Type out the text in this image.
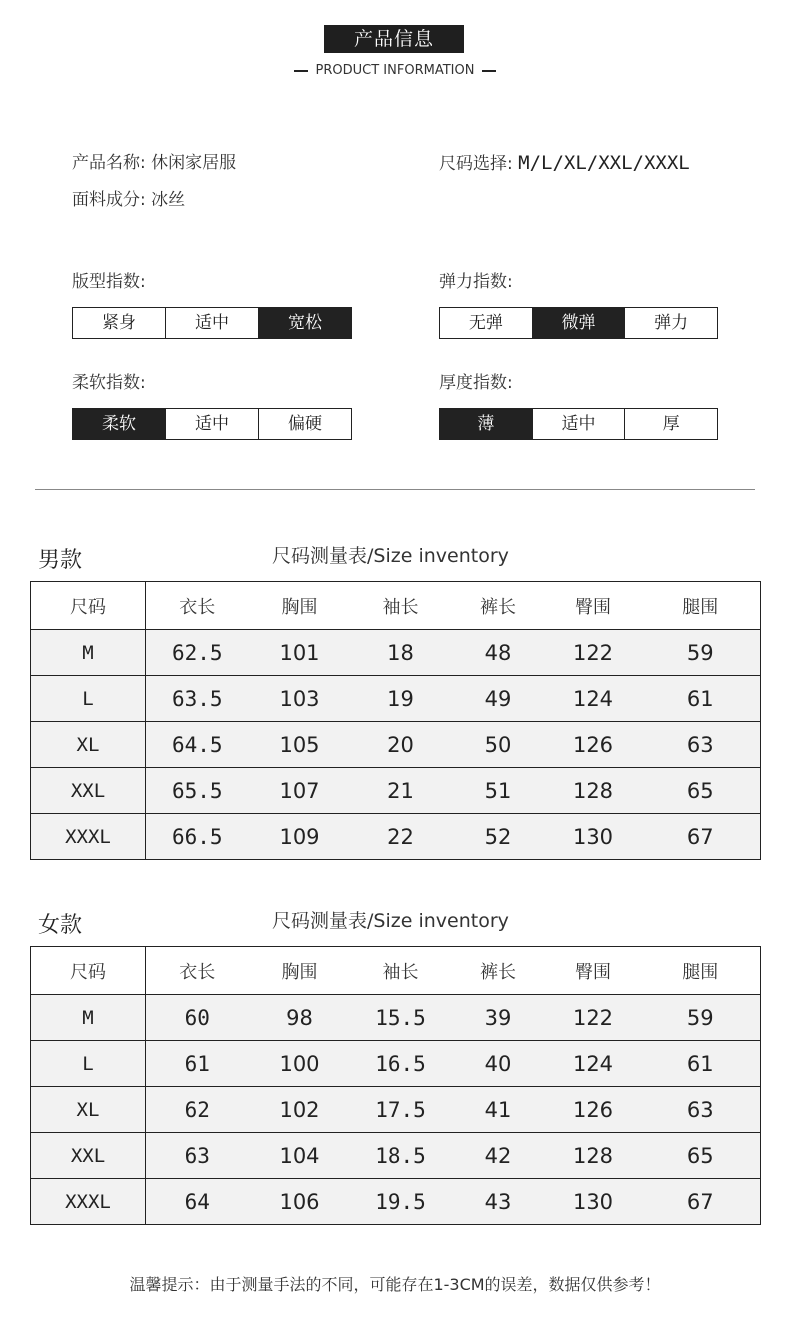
产品信息
PRODUCT INFORMATION
产品名称: 休闲家居服	尺码选择: M/L/XL/XXL/XXXL
面料成分: 冰丝
版型指数:
紧身	适中	宽松
弹力指数:
无弹	微弹	弹力
柔软指数:
柔软	适中	偏硬
厚度指数:
薄	适中	厚
男款	尺码测量表/Size inventory
尺码	衣长	胸围	袖长	裤长	臀围	腿围
M	62.5	101	18	48	122	59
L	63.5	103	19	49	124	61
XL	64.5	105	20	50	126	63
XXL	65.5	107	21	51	128	65
XXXL	66.5	109	22	52	130	67
女款	尺码测量表/Size inventory
尺码	衣长	胸围	袖长	裤长	臀围	腿围
M	60	98	15.5	39	122	59
L	61	100	16.5	40	124	61
XL	62	102	17.5	41	126	63
XXL	63	104	18.5	42	128	65
XXXL	64	106	19.5	43	130	67
温馨提示：由于测量手法的不同，可能存在1-3CM的误差，数据仅供参考！
